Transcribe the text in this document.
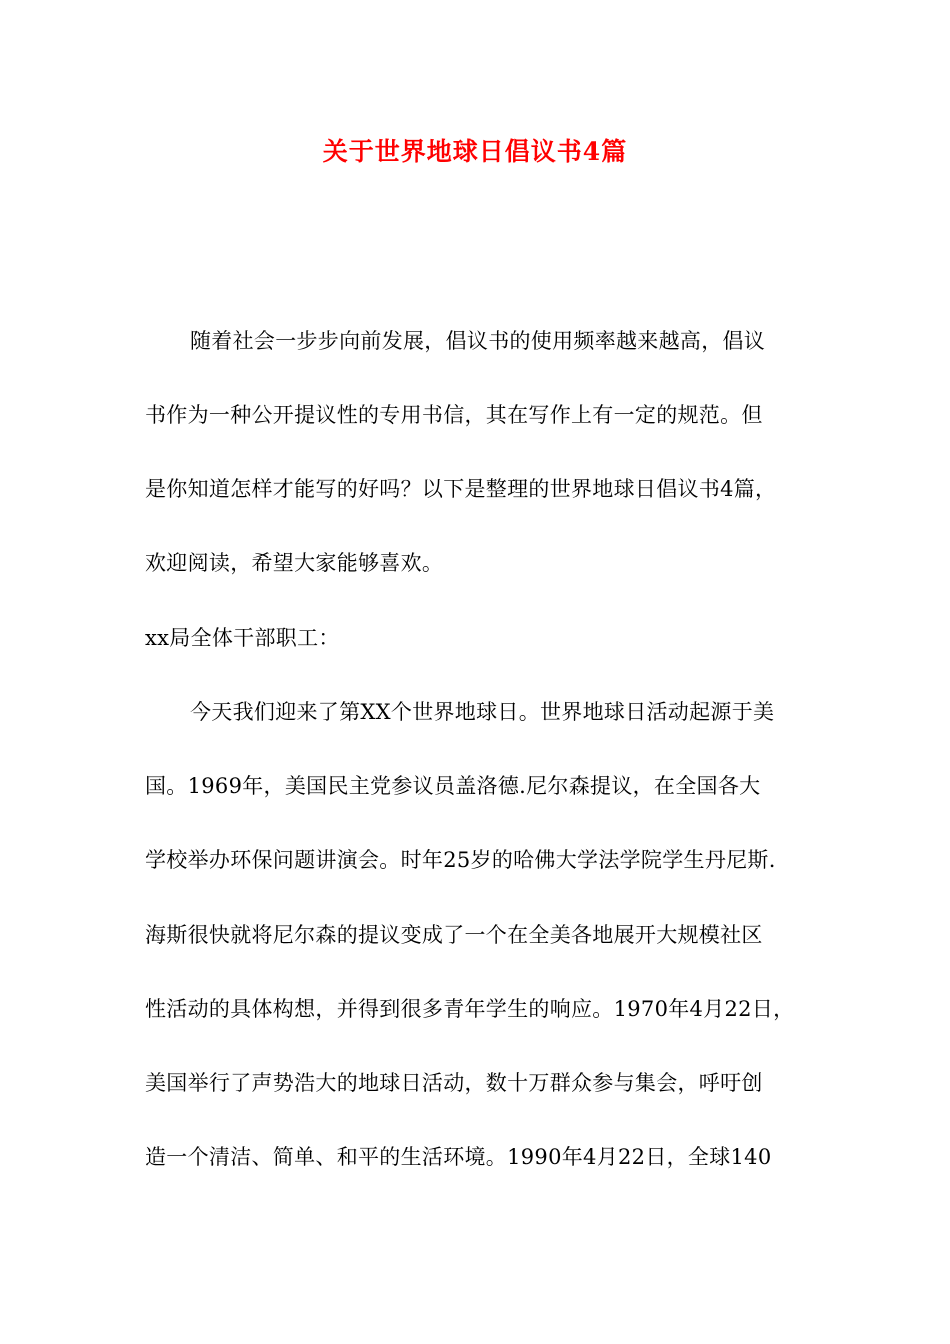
关于世界地球日倡议书4篇
随着社会一步步向前发展，倡议书的使用频率越来越高，倡议
书作为一种公开提议性的专用书信，其在写作上有一定的规范。但
是你知道怎样才能写的好吗？以下是整理的世界地球日倡议书4篇，
欢迎阅读，希望大家能够喜欢。
xx局全体干部职工：
今天我们迎来了第XX个世界地球日。世界地球日活动起源于美
国。1969年，美国民主党参议员盖洛德.尼尔森提议，在全国各大
学校举办环保问题讲演会。时年25岁的哈佛大学法学院学生丹尼斯.
海斯很快就将尼尔森的提议变成了一个在全美各地展开大规模社区
性活动的具体构想，并得到很多青年学生的响应。1970年4月22日，
美国举行了声势浩大的地球日活动，数十万群众参与集会，呼吁创
造一个清洁、简单、和平的生活环境。1990年4月22日，全球140
